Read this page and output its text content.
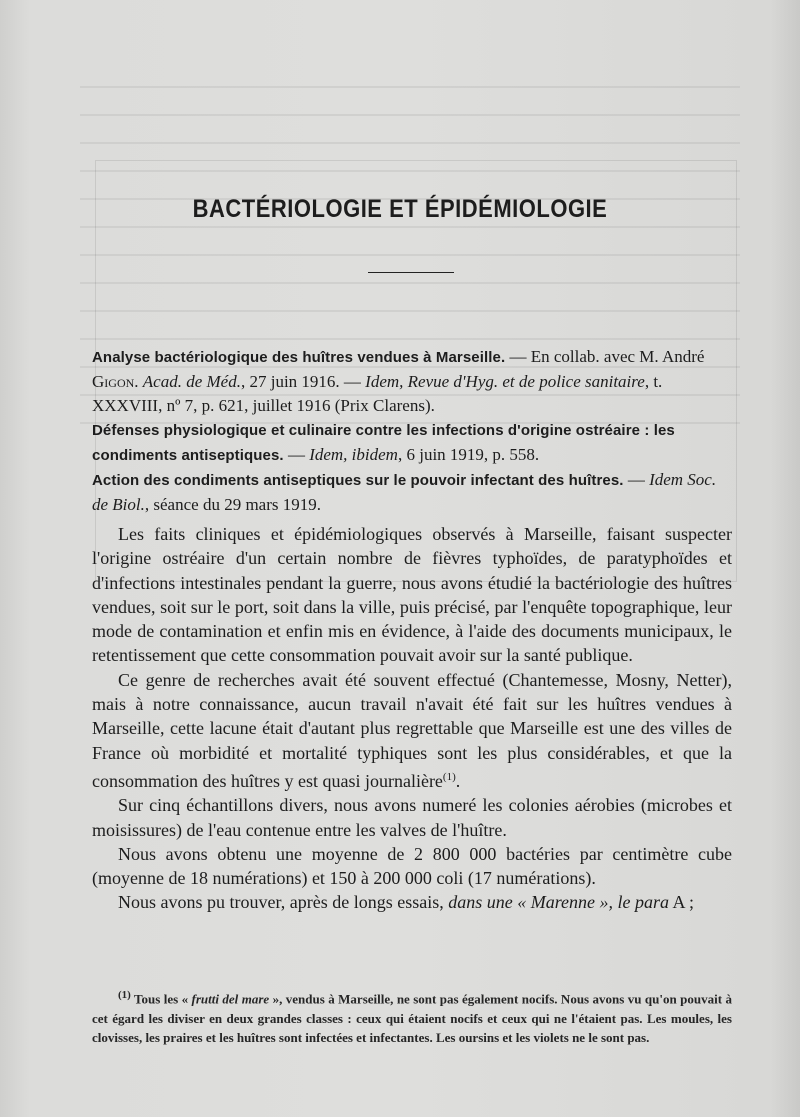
BACTÉRIOLOGIE ET ÉPIDÉMIOLOGIE
Analyse bactériologique des huîtres vendues à Marseille. — En collab. avec M. André Gigon. Acad. de Méd., 27 juin 1916. — Idem, Revue d'Hyg. et de police sanitaire, t. XXXVIII, nº 7, p. 621, juillet 1916 (Prix Clarens).
Défenses physiologique et culinaire contre les infections d'origine ostréaire : les condiments antiseptiques. — Idem, ibidem, 6 juin 1919, p. 558.
Action des condiments antiseptiques sur le pouvoir infectant des huîtres. — Idem Soc. de Biol., séance du 29 mars 1919.

Les faits cliniques et épidémiologiques observés à Marseille, faisant suspecter l'origine ostréaire d'un certain nombre de fièvres typhoïdes, de paratyphoïdes et d'infections intestinales pendant la guerre, nous avons étudié la bactériologie des huîtres vendues, soit sur le port, soit dans la ville, puis précisé, par l'enquête topographique, leur mode de contamination et enfin mis en évidence, à l'aide des documents municipaux, le retentissement que cette consommation pouvait avoir sur la santé publique.

Ce genre de recherches avait été souvent effectué (Chantemesse, Mosny, Netter), mais à notre connaissance, aucun travail n'avait été fait sur les huîtres vendues à Marseille, cette lacune était d'autant plus regrettable que Marseille est une des villes de France où morbidité et mortalité typhiques sont les plus considérables, et que la consommation des huîtres y est quasi journalière$^{(1)}$.

Sur cinq échantillons divers, nous avons numeré les colonies aérobies (microbes et moisissures) de l'eau contenue entre les valves de l'huître.

Nous avons obtenu une moyenne de 2 800 000 bactéries par centimètre cube (moyenne de 18 numérations) et 150 à 200 000 coli (17 numérations).

Nous avons pu trouver, après de longs essais, dans une « Marenne », le para A ;

$^{(1)}$ Tous les « frutti del mare », vendus à Marseille, ne sont pas également nocifs. Nous avons vu qu'on pouvait à cet égard les diviser en deux grandes classes : ceux qui étaient nocifs et ceux qui ne l'étaient pas. Les moules, les clovisses, les praires et les huîtres sont infectées et infectantes. Les oursins et les violets ne le sont pas.
